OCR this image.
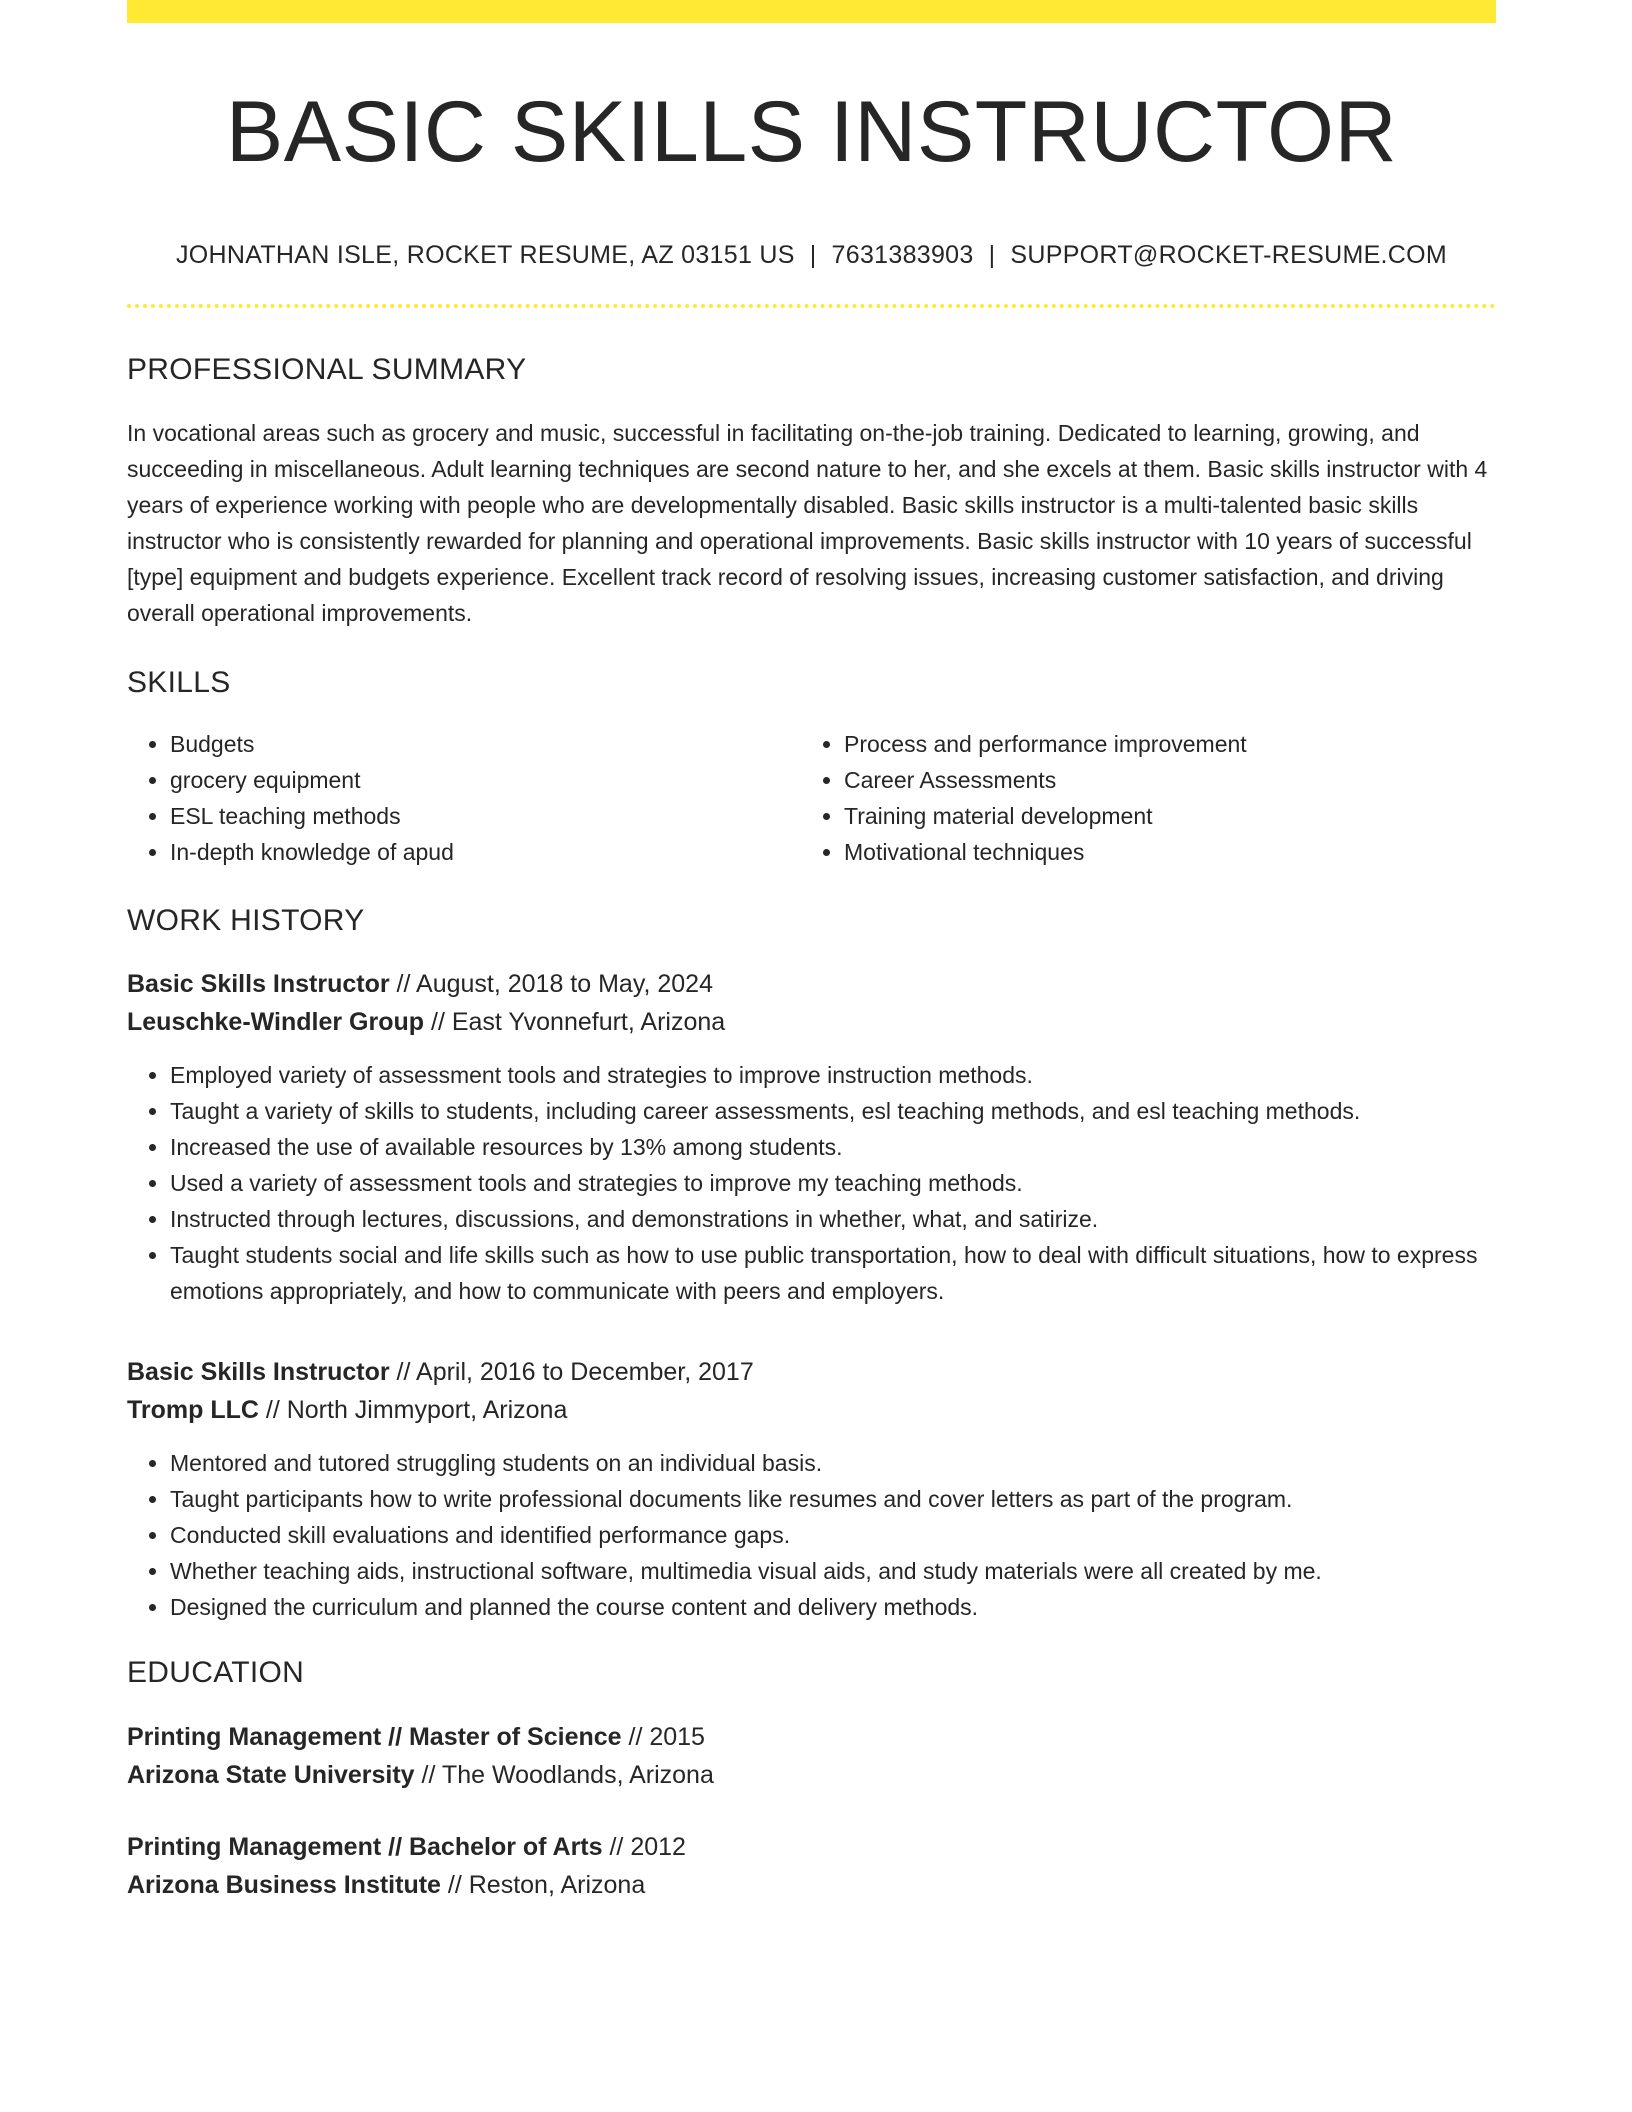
BASIC SKILLS INSTRUCTOR
JOHNATHAN ISLE, ROCKET RESUME, AZ 03151 US | 7631383903 | SUPPORT@ROCKET-RESUME.COM
PROFESSIONAL SUMMARY

In vocational areas such as grocery and music, successful in facilitating on-the-job training. Dedicated to learning, growing, and succeeding in miscellaneous. Adult learning techniques are second nature to her, and she excels at them. Basic skills instructor with 4 years of experience working with people who are developmentally disabled. Basic skills instructor is a multi-talented basic skills instructor who is consistently rewarded for planning and operational improvements. Basic skills instructor with 10 years of successful [type] equipment and budgets experience. Excellent track record of resolving issues, increasing customer satisfaction, and driving overall operational improvements.

SKILLS
• Budgets
• grocery equipment
• ESL teaching methods
• In-depth knowledge of apud
• Process and performance improvement
• Career Assessments
• Training material development
• Motivational techniques
WORK HISTORY
Basic Skills Instructor // August, 2018 to May, 2024
Leuschke-Windler Group // East Yvonnefurt, Arizona
• Employed variety of assessment tools and strategies to improve instruction methods.
• Taught a variety of skills to students, including career assessments, esl teaching methods, and esl teaching methods.
• Increased the use of available resources by 13% among students.
• Used a variety of assessment tools and strategies to improve my teaching methods.
• Instructed through lectures, discussions, and demonstrations in whether, what, and satirize.
• Taught students social and life skills such as how to use public transportation, how to deal with difficult situations, how to express emotions appropriately, and how to communicate with peers and employers.
Basic Skills Instructor // April, 2016 to December, 2017
Tromp LLC // North Jimmyport, Arizona
• Mentored and tutored struggling students on an individual basis.
• Taught participants how to write professional documents like resumes and cover letters as part of the program.
• Conducted skill evaluations and identified performance gaps.
• Whether teaching aids, instructional software, multimedia visual aids, and study materials were all created by me.
• Designed the curriculum and planned the course content and delivery methods.
EDUCATION
Printing Management // Master of Science // 2015
Arizona State University // The Woodlands, Arizona
Printing Management // Bachelor of Arts // 2012
Arizona Business Institute // Reston, Arizona
